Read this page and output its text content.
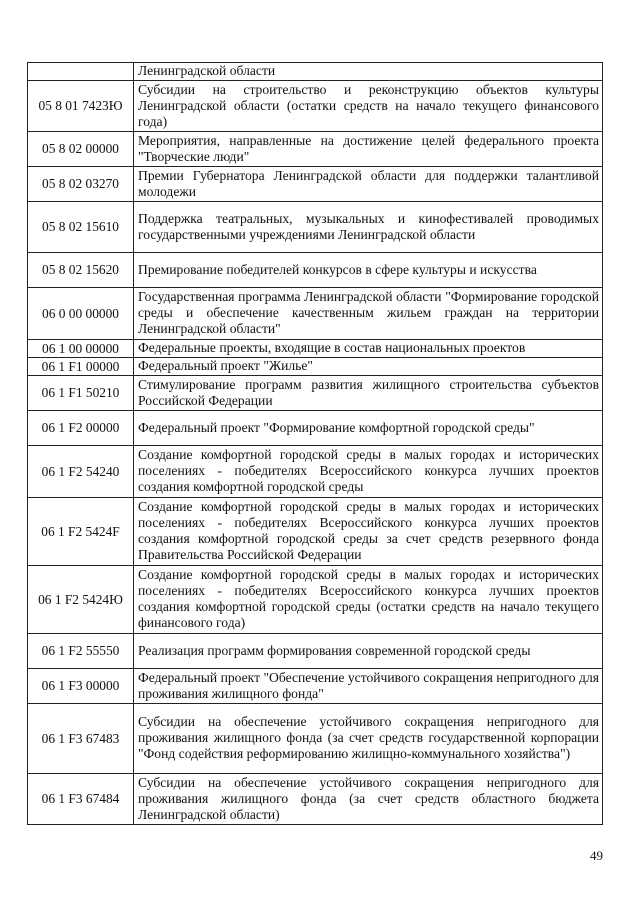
	Ленинградской области
05 8 01 7423Ю	Субсидии на строительство и реконструкцию объектов культуры Ленинградской области (остатки средств на начало текущего финансового года)
05 8 02 00000	Мероприятия, направленные на достижение целей федерального проекта "Творческие люди"
05 8 02 03270	Премии Губернатора Ленинградской области для поддержки талантливой молодежи
05 8 02 15610	Поддержка театральных, музыкальных и кинофестивалей проводимых государственными учреждениями Ленинградской области
05 8 02 15620	Премирование победителей конкурсов в сфере культуры и искусства
06 0 00 00000	Государственная программа Ленинградской области "Формирование городской среды и обеспечение качественным жильем граждан на территории Ленинградской области"
06 1 00 00000	Федеральные проекты, входящие в состав национальных проектов
06 1 F1 00000	Федеральный проект "Жилье"
06 1 F1 50210	Стимулирование программ развития жилищного строительства субъектов Российской Федерации
06 1 F2 00000	Федеральный проект "Формирование комфортной городской среды"
06 1 F2 54240	Создание комфортной городской среды в малых городах и исторических поселениях - победителях Всероссийского конкурса лучших проектов создания комфортной городской среды
06 1 F2 5424F	Создание комфортной городской среды в малых городах и исторических поселениях - победителях Всероссийского конкурса лучших проектов создания комфортной городской среды за счет средств резервного фонда Правительства Российской Федерации
06 1 F2 5424Ю	Создание комфортной городской среды в малых городах и исторических поселениях - победителях Всероссийского конкурса лучших проектов создания комфортной городской среды (остатки средств на начало текущего финансового года)
06 1 F2 55550	Реализация программ формирования современной городской среды
06 1 F3 00000	Федеральный проект "Обеспечение устойчивого сокращения непригодного для проживания жилищного фонда"
06 1 F3 67483	Субсидии на обеспечение устойчивого сокращения непригодного для проживания жилищного фонда (за счет средств государственной корпорации "Фонд содействия реформированию жилищно-коммунального хозяйства")
06 1 F3 67484	Субсидии на обеспечение устойчивого сокращения непригодного для проживания жилищного фонда (за счет средств областного бюджета Ленинградской области)
49
